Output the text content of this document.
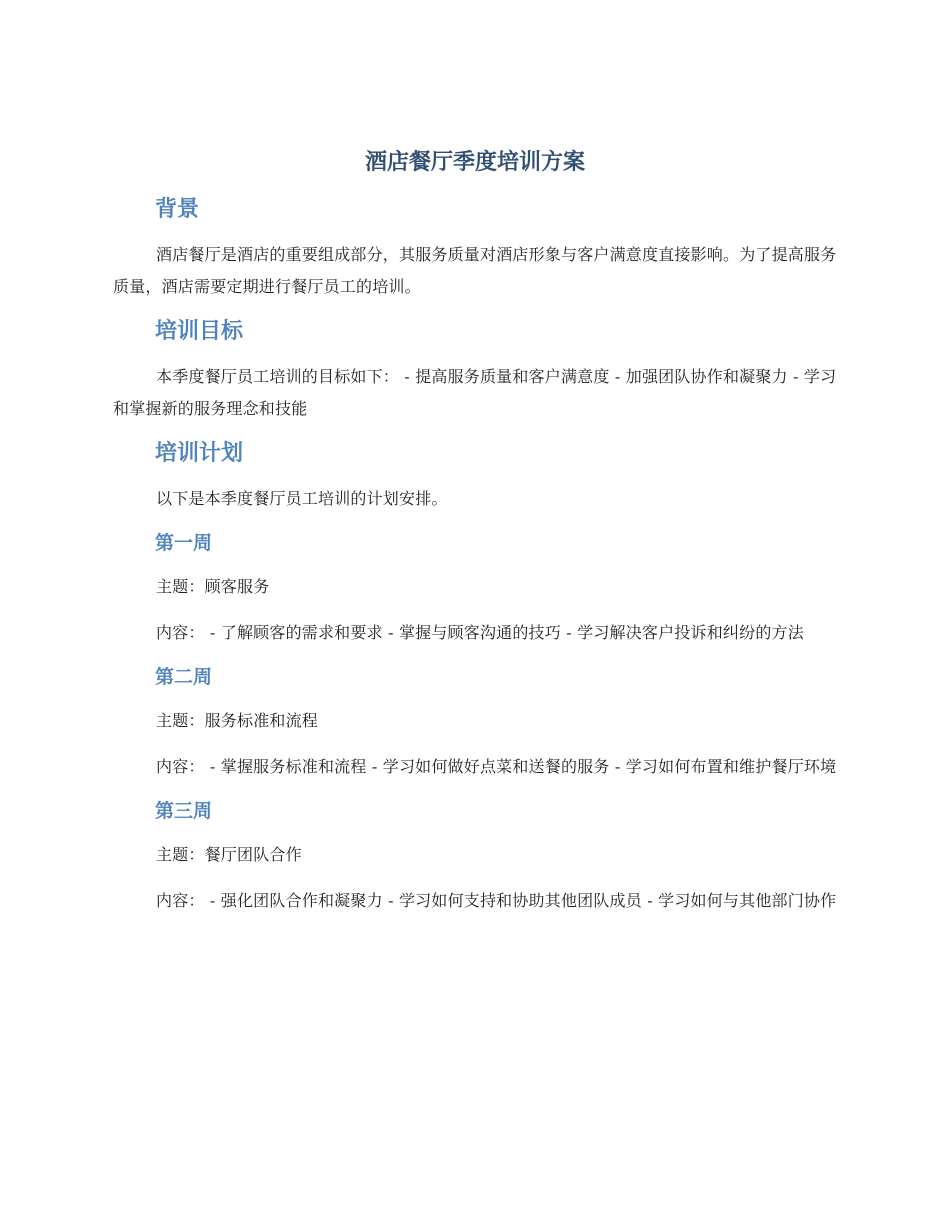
酒店餐厅季度培训方案
背景

酒店餐厅是酒店的重要组成部分，其服务质量对酒店形象与客户满意度直接影响。为了提高服务质量，酒店需要定期进行餐厅员工的培训。

培训目标

本季度餐厅员工培训的目标如下： - 提高服务质量和客户满意度 - 加强团队协作和凝聚力 - 学习和掌握新的服务理念和技能

培训计划

以下是本季度餐厅员工培训的计划安排。

第一周

主题：顾客服务

内容： - 了解顾客的需求和要求 - 掌握与顾客沟通的技巧 - 学习解决客户投诉和纠纷的方法

第二周

主题：服务标准和流程

内容： - 掌握服务标准和流程 - 学习如何做好点菜和送餐的服务 - 学习如何布置和维护餐厅环境

第三周

主题：餐厅团队合作

内容： - 强化团队合作和凝聚力 - 学习如何支持和协助其他团队成员 - 学习如何与其他部门协作
